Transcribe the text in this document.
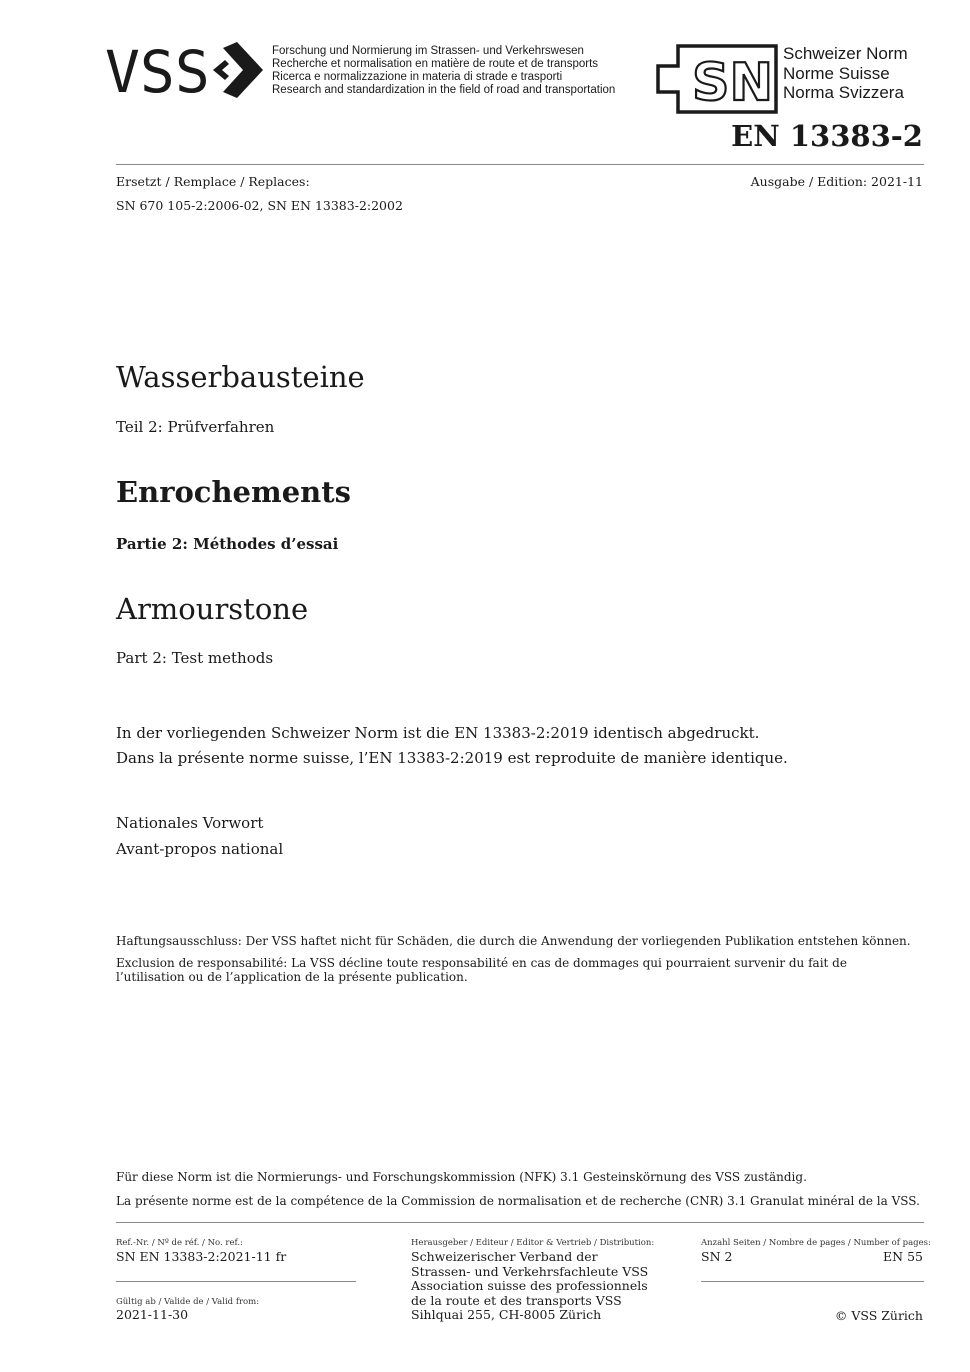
VSS	Forschung und Normierung im Strassen- und Verkehrswesen
Recherche et normalisation en matière de route et de transports
Ricerca e normalizzazione in materia di strade e trasporti
Research and standardization in the field of road and transportation SN Schweizer Norm
Norme Suisse
Norma Svizzera
EN 13383-2
Ersetzt / Remplace / Replaces:	Ausgabe / Edition: 2021-11
SN 670 105-2:2006-02, SN EN 13383-2:2002
Wasserbausteine
Teil 2: Prüfverfahren
Enrochements
Partie 2: Méthodes d’essai
Armourstone
Part 2: Test methods
In der vorliegenden Schweizer Norm ist die EN 13383-2:2019 identisch abgedruckt.
Dans la présente norme suisse, l’EN 13383-2:2019 est reproduite de manière identique.
Nationales Vorwort
Avant-propos national
Haftungsausschluss: Der VSS haftet nicht für Schäden, die durch die Anwendung der vorliegenden Publikation entstehen können.
Exclusion de responsabilité: La VSS décline toute responsabilité en cas de dommages qui pourraient survenir du fait de l’utilisation ou de l’application de la présente publication.
Für diese Norm ist die Normierungs- und Forschungskommission (NFK) 3.1 Gesteinskörnung des VSS zuständig.
La présente norme est de la compétence de la Commission de normalisation et de recherche (CNR) 3.1 Granulat minéral de la VSS.
Ref.-Nr. / Nº de réf. / No. ref.:
SN EN 13383-2:2021-11 fr
Gültig ab / Valide de / Valid from:
2021-11-30
Herausgeber / Editeur / Editor & Vertrieb / Distribution:
Schweizerischer Verband der
Strassen- und Verkehrsfachleute VSS
Association suisse des professionnels
de la route et des transports VSS
Sihlquai 255, CH-8005 Zürich
Anzahl Seiten / Nombre de pages / Number of pages:
SN 2	EN 55
© VSS Zürich
